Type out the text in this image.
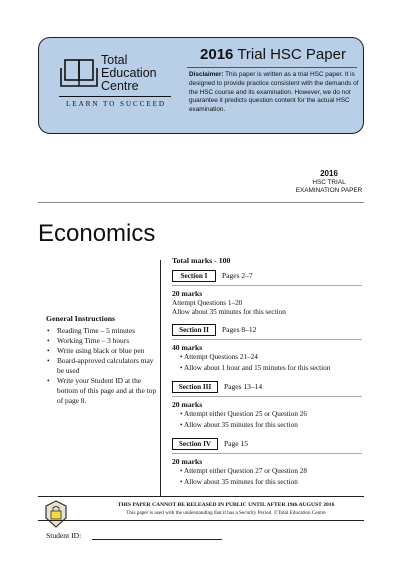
Total
Education
Centre
LEARN TO SUCCEED
2016 Trial HSC Paper
Disclaimer: This paper is written as a trial HSC paper. It is designed to provide practice consistent with the demands of the HSC course and its examination. However, we do not guarantee it predicts question content for the actual HSC examination.
2016
HSC TRIAL
EXAMINATION PAPER
Economics
General Instructions
• Reading Time – 5 minutes
• Working Time – 3 hours
• Write using black or blue pen
• Board-approved calculators may be used
• Write your Student ID at the bottom of this page and at the top of page 8.
Total marks - 100
Section I	Pages 2–7
20 marks
Attempt Questions 1–20
Allow about 35 minutes for this section
Section II	Pages 8–12
40 marks
• Attempt Questions 21–24
• Allow about 1 hour and 15 minutes for this section
Section III	Pages 13–14
20 marks
• Attempt either Question 25 or Question 26
• Allow about 35 minutes for this section
Section IV	Page 15
20 marks
• Attempt either Question 27 or Question 28
• Allow about 35 minutes for this section
THIS PAPER CANNOT BE RELEASED IN PUBLIC UNTIL AFTER 19th AUGUST 2016
This paper is used with the understanding that it has a Security Period. ©Total Education Centre
Student ID:
